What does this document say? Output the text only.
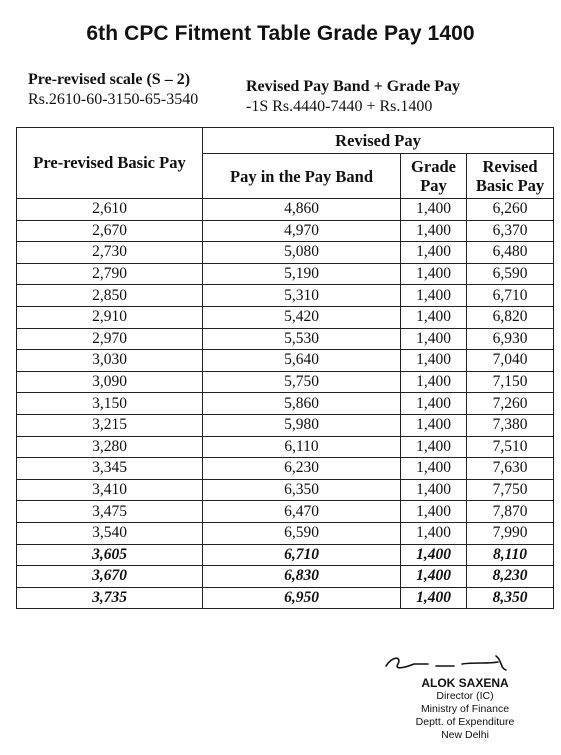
6th CPC Fitment Table Grade Pay 1400
Pre-revised scale (S – 2)
Rs.2610-60-3150-65-3540
Revised Pay Band + Grade Pay
-1S Rs.4440-7440 + Rs.1400
Pre-revised Basic Pay	Revised Pay		
	Pay in the Pay Band	Grade Pay	Revised Basic Pay
2,610	4,860	1,400	6,260
2,670	4,970	1,400	6,370
2,730	5,080	1,400	6,480
2,790	5,190	1,400	6,590
2,850	5,310	1,400	6,710
2,910	5,420	1,400	6,820
2,970	5,530	1,400	6,930
3,030	5,640	1,400	7,040
3,090	5,750	1,400	7,150
3,150	5,860	1,400	7,260
3,215	5,980	1,400	7,380
3,280	6,110	1,400	7,510
3,345	6,230	1,400	7,630
3,410	6,350	1,400	7,750
3,475	6,470	1,400	7,870
3,540	6,590	1,400	7,990
3,605	6,710	1,400	8,110
3,670	6,830	1,400	8,230
3,735	6,950	1,400	8,350
ALOK SAXENA
Director (IC)
Ministry of Finance
Deptt. of Expenditure
New Delhi
